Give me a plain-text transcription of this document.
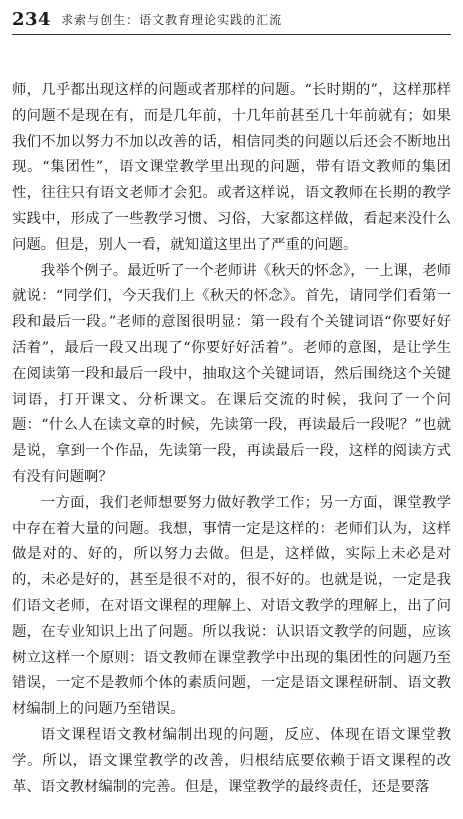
234 求索与创生：语文教育理论实践的汇流

师，几乎都出现这样的问题或者那样的问题。“长时期的”，这样那样的问题不是现在有，而是几年前，十几年前甚至几十年前就有；如果我们不加以努力不加以改善的话，相信同类的问题以后还会不断地出现。“集团性”，语文课堂教学里出现的问题，带有语文教师的集团性，往往只有语文老师才会犯。或者这样说，语文教师在长期的教学实践中，形成了一些教学习惯、习俗，大家都这样做，看起来没什么问题。但是，别人一看，就知道这里出了严重的问题。

我举个例子。最近听了一个老师讲《秋天的怀念》，一上课，老师就说：“同学们，今天我们上《秋天的怀念》。首先，请同学们看第一段和最后一段。”老师的意图很明显：第一段有个关键词语“你要好好活着”，最后一段又出现了“你要好好活着”。老师的意图，是让学生在阅读第一段和最后一段中，抽取这个关键词语，然后围绕这个关键词语，打开课文、分析课文。在课后交流的时候，我问了一个问题：“什么人在读文章的时候，先读第一段，再读最后一段呢？”也就是说，拿到一个作品，先读第一段，再读最后一段，这样的阅读方式有没有问题啊？

一方面，我们老师想要努力做好教学工作；另一方面，课堂教学中存在着大量的问题。我想，事情一定是这样的：老师们认为，这样做是对的、好的，所以努力去做。但是，这样做，实际上未必是对的，未必是好的，甚至是很不对的，很不好的。也就是说，一定是我们语文老师，在对语文课程的理解上、对语文教学的理解上，出了问题，在专业知识上出了问题。所以我说：认识语文教学的问题，应该树立这样一个原则：语文教师在课堂教学中出现的集团性的问题乃至错误，一定不是教师个体的素质问题，一定是语文课程研制、语文教材编制上的问题乃至错误。

语文课程语文教材编制出现的问题，反应、体现在语文课堂教学。所以，语文课堂教学的改善，归根结底要依赖于语文课程的改革、语文教材编制的完善。但是，课堂教学的最终责任，还是要落
